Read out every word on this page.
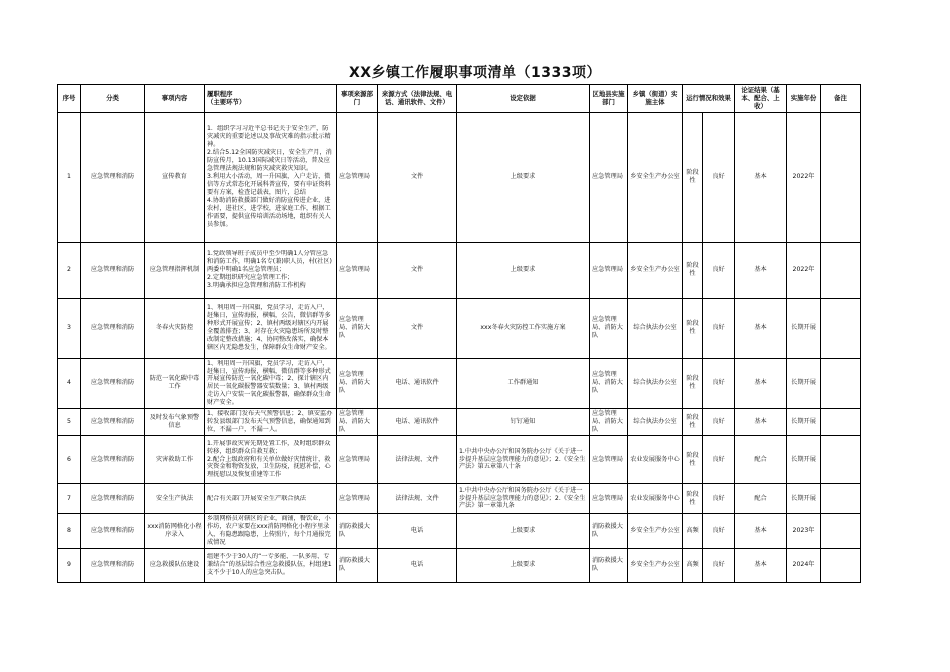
XX乡镇工作履职事项清单（1333项）
序号	分类	事项内容	履职程序
（主要环节）	事项来源部门	来源方式（法律法规、电话、通讯软件、文件）	设定依据	区地县实施部门	乡镇（街道）实施主体	运行情况和效果		论证结果（基本、配合、上收）	实施年份	备注
1	应急管理和消防	宣传教育	1．组织学习习近平总书记关于安全生产，防灾减灾的重要论述以及事故灾难的指示批示精神。
2.结合5.12全国防灾减灾日，安全生产月，消防宣传月，10.13国际减灾日等活动，普及应急管理法规法规和防灾减灾救灾知识。
3.利用大小活动，周一升国旗，入户走访，微信等方式常态化开展科普宣传，要有申证资料要有方案，检查记载表，图片，总结
4.协助消防救援部门做好消防宣传进企业，进农村，进社区，进学校，进家庭工作，根据工作需要，提供宣传培训活动场地，组织有关人员参加。	应急管理局	文件	上级要求	应急管理局	乡安全生产办公室	阶段性	良好	基本	2022年	
2	应急管理和消防	应急管理指挥机制	1.党政领导班子成员中至少明确1人分管应急和消防工作，明确1名专(兼)职人员，村(社区)两委中明确1名应急管理员；
2.定期组织研究应急管理工作；
3.明确承担应急管理和消防工作机构	应急管理局	文件	上级要求	应急管理局	乡安全生产办公室	阶段性	良好	基本	2022年	
3	应急管理和消防	冬春火灾防控	1、利用周一升国旗，党员学习，走访入户，赶集日，宣传海报，横幅，公告，微信群等多种形式开展宣传；2、镇村两级对辖区内开展全覆盖排查；3、对存在火灾隐患场所及时整改制定整改措施；4、协同整改落实，确保本辖区内无隐患发生，保障群众生命财产安全。	应急管理局、消防大队	文件	xxx冬春火灾防控工作实施方案	应急管理局、消防大队	综合执法办公室	阶段性	良好	基本	长期开展	
4	应急管理和消防	防范一氧化碳中毒工作	1、利用周一升国旗，党员学习，走访入户，赶集日，宣传海报，横幅，微信群等多种形式开展宣传防范一氧化碳中毒；2、探计辖区内居民一氧化碳报警器安装数量；3、镇村两级走访入户安装一氧化碳报警器，确保群众生命财产安全。	应急管理局、消防大队	电话、通讯软件	工作群通知	应急管理局、消防大队	综合执法办公室	阶段性	良好	基本	长期开展	
5	应急管理和消防	及时发布气象预警信息	1、接收部门发布天气预警信息；2、镇安监办转发县级部门发布天气预警信息，确保通知到位，不漏一户，不漏一人。	应急管理局、消防大队	电话、通讯软件	钉钉通知	应急管理局、消防大队	综合执法办公室	阶段性	良好	基本	长期开展	
6	应急管理和消防	灾害救助工作	1.开展事故灾害先期处置工作，及时组织群众转移，组织群众自救互救；
2.配合上级政府和有关单位做好灾情统计，救灾资金和物资发放，卫生防疫，抚慰补偿，心理抚慰以及恢复重建等工作	应急管理局	法律法规、文件	1.中共中央办公厅和国务院办公厅《关于进一步提升基层应急管理能力的意见》；2.《安全生产法》第五章第八十条	应急管理局	农业发展服务中心	阶段性	良好	配合	长期开展	
7	应急管理和消防	安全生产执法	配合有关部门开展安全生产联合执法	应急管理局	法律法规、文件	1.中共中央办公厅和国务院办公厅《关于进一步提升基层应急管理能力的意见》；2.《安全生产法》第一章第九条	应急管理局	农业发展服务中心	阶段性	良好	配合	长期开展	
8	应急管理和消防	xxx消防网格化小程序录入	乡制网格员对辖区的企业，商铺，餐饮业，小作坊，农户家要在xxx消防网格化小程序里录入，有隐患跟隐患，上传照片，每个月通报完成情况	消防救援大队	电话	上级要求	消防救援大队	乡安全生产办公室	高频	良好	基本	2023年	
9	应急管理和消防	应急救援队伍建设	组建不少于30人的“一专多能、一队多用、专兼结合”的基层综合性应急救援队伍，村组建1支不少于10人的应急突击队。	消防救援大队	电话	上级要求	消防救援大队	乡安全生产办公室	高频	良好	基本	2024年	
